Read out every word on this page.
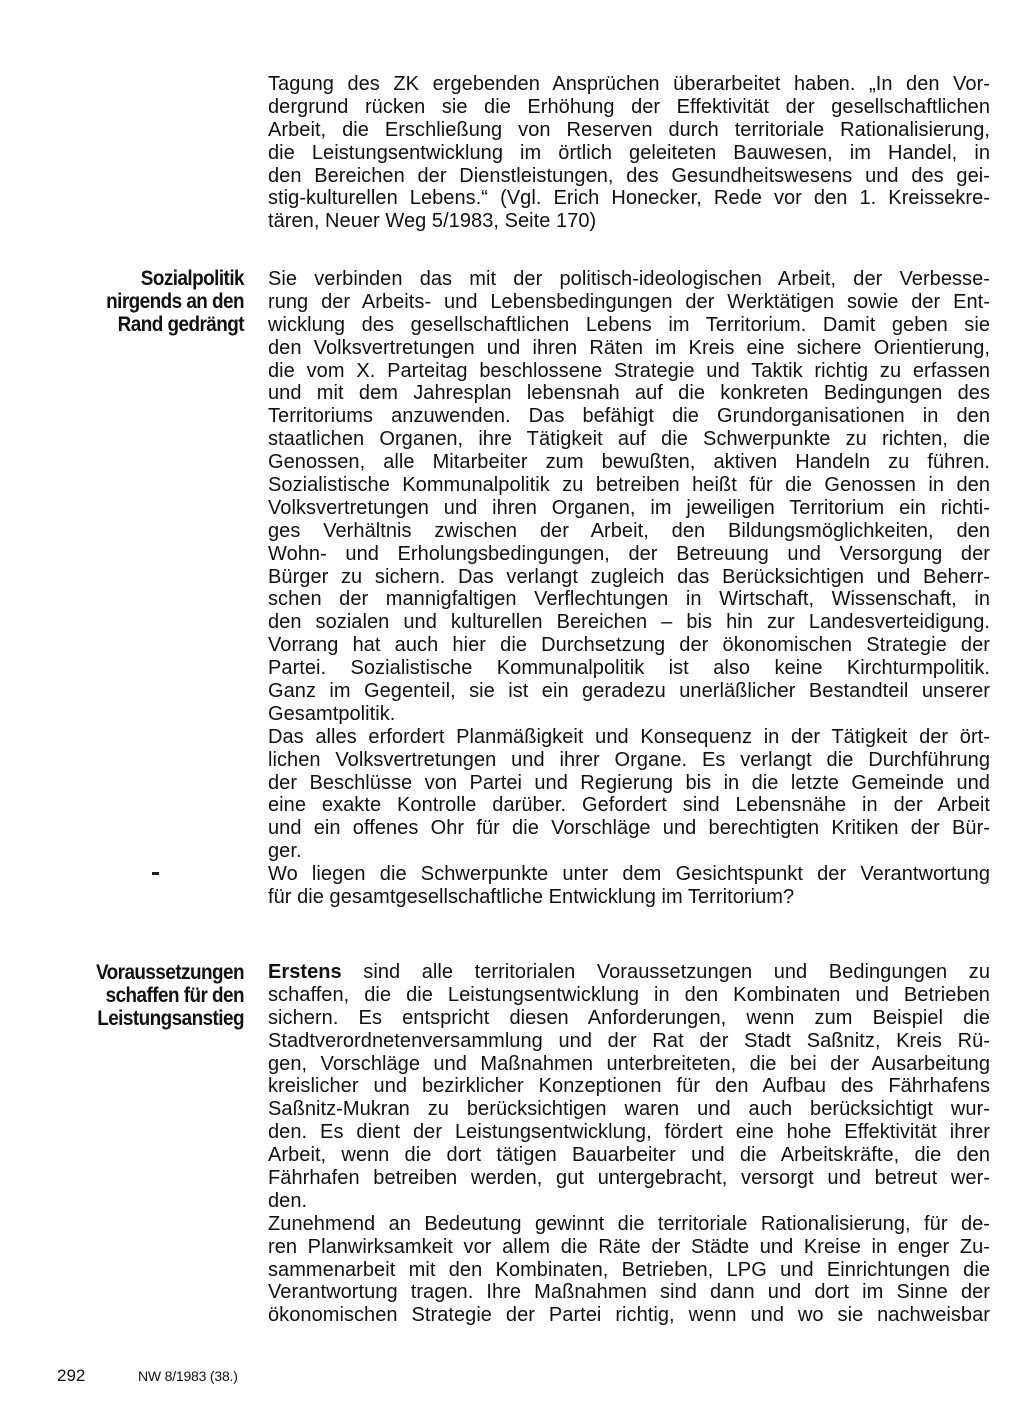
Tagung des ZK ergebenden Ansprüchen überarbeitet haben. „In den Vor-
dergrund rücken sie die Erhöhung der Effektivität der gesellschaftlichen
Arbeit, die Erschließung von Reserven durch territoriale Rationalisierung,
die Leistungsentwicklung im örtlich geleiteten Bauwesen, im Handel, in
den Bereichen der Dienstleistungen, des Gesundheitswesens und des gei-
stig-kulturellen Lebens.“ (Vgl. Erich Honecker, Rede vor den 1. Kreissekre-
tären, Neuer Weg 5/1983, Seite 170)
Sozialpolitik
nirgends an den
Rand gedrängt
Sie verbinden das mit der politisch-ideologischen Arbeit, der Verbesse-
rung der Arbeits- und Lebensbedingungen der Werktätigen sowie der Ent-
wicklung des gesellschaftlichen Lebens im Territorium. Damit geben sie
den Volksvertretungen und ihren Räten im Kreis eine sichere Orientierung,
die vom X. Parteitag beschlossene Strategie und Taktik richtig zu erfassen
und mit dem Jahresplan lebensnah auf die konkreten Bedingungen des
Territoriums anzuwenden. Das befähigt die Grundorganisationen in den
staatlichen Organen, ihre Tätigkeit auf die Schwerpunkte zu richten, die
Genossen, alle Mitarbeiter zum bewußten, aktiven Handeln zu führen.
Sozialistische Kommunalpolitik zu betreiben heißt für die Genossen in den
Volksvertretungen und ihren Organen, im jeweiligen Territorium ein richti-
ges Verhältnis zwischen der Arbeit, den Bildungsmöglichkeiten, den
Wohn- und Erholungsbedingungen, der Betreuung und Versorgung der
Bürger zu sichern. Das verlangt zugleich das Berücksichtigen und Beherr-
schen der mannigfaltigen Verflechtungen in Wirtschaft, Wissenschaft, in
den sozialen und kulturellen Bereichen – bis hin zur Landesverteidigung.
Vorrang hat auch hier die Durchsetzung der ökonomischen Strategie der
Partei. Sozialistische Kommunalpolitik ist also keine Kirchturmpolitik.
Ganz im Gegenteil, sie ist ein geradezu unerläßlicher Bestandteil unserer
Gesamtpolitik.
Das alles erfordert Planmäßigkeit und Konsequenz in der Tätigkeit der ört-
lichen Volksvertretungen und ihrer Organe. Es verlangt die Durchführung
der Beschlüsse von Partei und Regierung bis in die letzte Gemeinde und
eine exakte Kontrolle darüber. Gefordert sind Lebensnähe in der Arbeit
und ein offenes Ohr für die Vorschläge und berechtigten Kritiken der Bür-
ger.
Wo liegen die Schwerpunkte unter dem Gesichtspunkt der Verantwortung
für die gesamtgesellschaftliche Entwicklung im Territorium?
Voraussetzungen
schaffen für den
Leistungsanstieg
Erstens sind alle territorialen Voraussetzungen und Bedingungen zu
schaffen, die die Leistungsentwicklung in den Kombinaten und Betrieben
sichern. Es entspricht diesen Anforderungen, wenn zum Beispiel die
Stadtverordnetenversammlung und der Rat der Stadt Saßnitz, Kreis Rü-
gen, Vorschläge und Maßnahmen unterbreiteten, die bei der Ausarbeitung
kreislicher und bezirklicher Konzeptionen für den Aufbau des Fährhafens
Saßnitz-Mukran zu berücksichtigen waren und auch berücksichtigt wur-
den. Es dient der Leistungsentwicklung, fördert eine hohe Effektivität ihrer
Arbeit, wenn die dort tätigen Bauarbeiter und die Arbeitskräfte, die den
Fährhafen betreiben werden, gut untergebracht, versorgt und betreut wer-
den.
Zunehmend an Bedeutung gewinnt die territoriale Rationalisierung, für de-
ren Planwirksamkeit vor allem die Räte der Städte und Kreise in enger Zu-
sammenarbeit mit den Kombinaten, Betrieben, LPG und Einrichtungen die
Verantwortung tragen. Ihre Maßnahmen sind dann und dort im Sinne der
ökonomischen Strategie der Partei richtig, wenn und wo sie nachweisbar
292	NW 8/1983 (38.)
